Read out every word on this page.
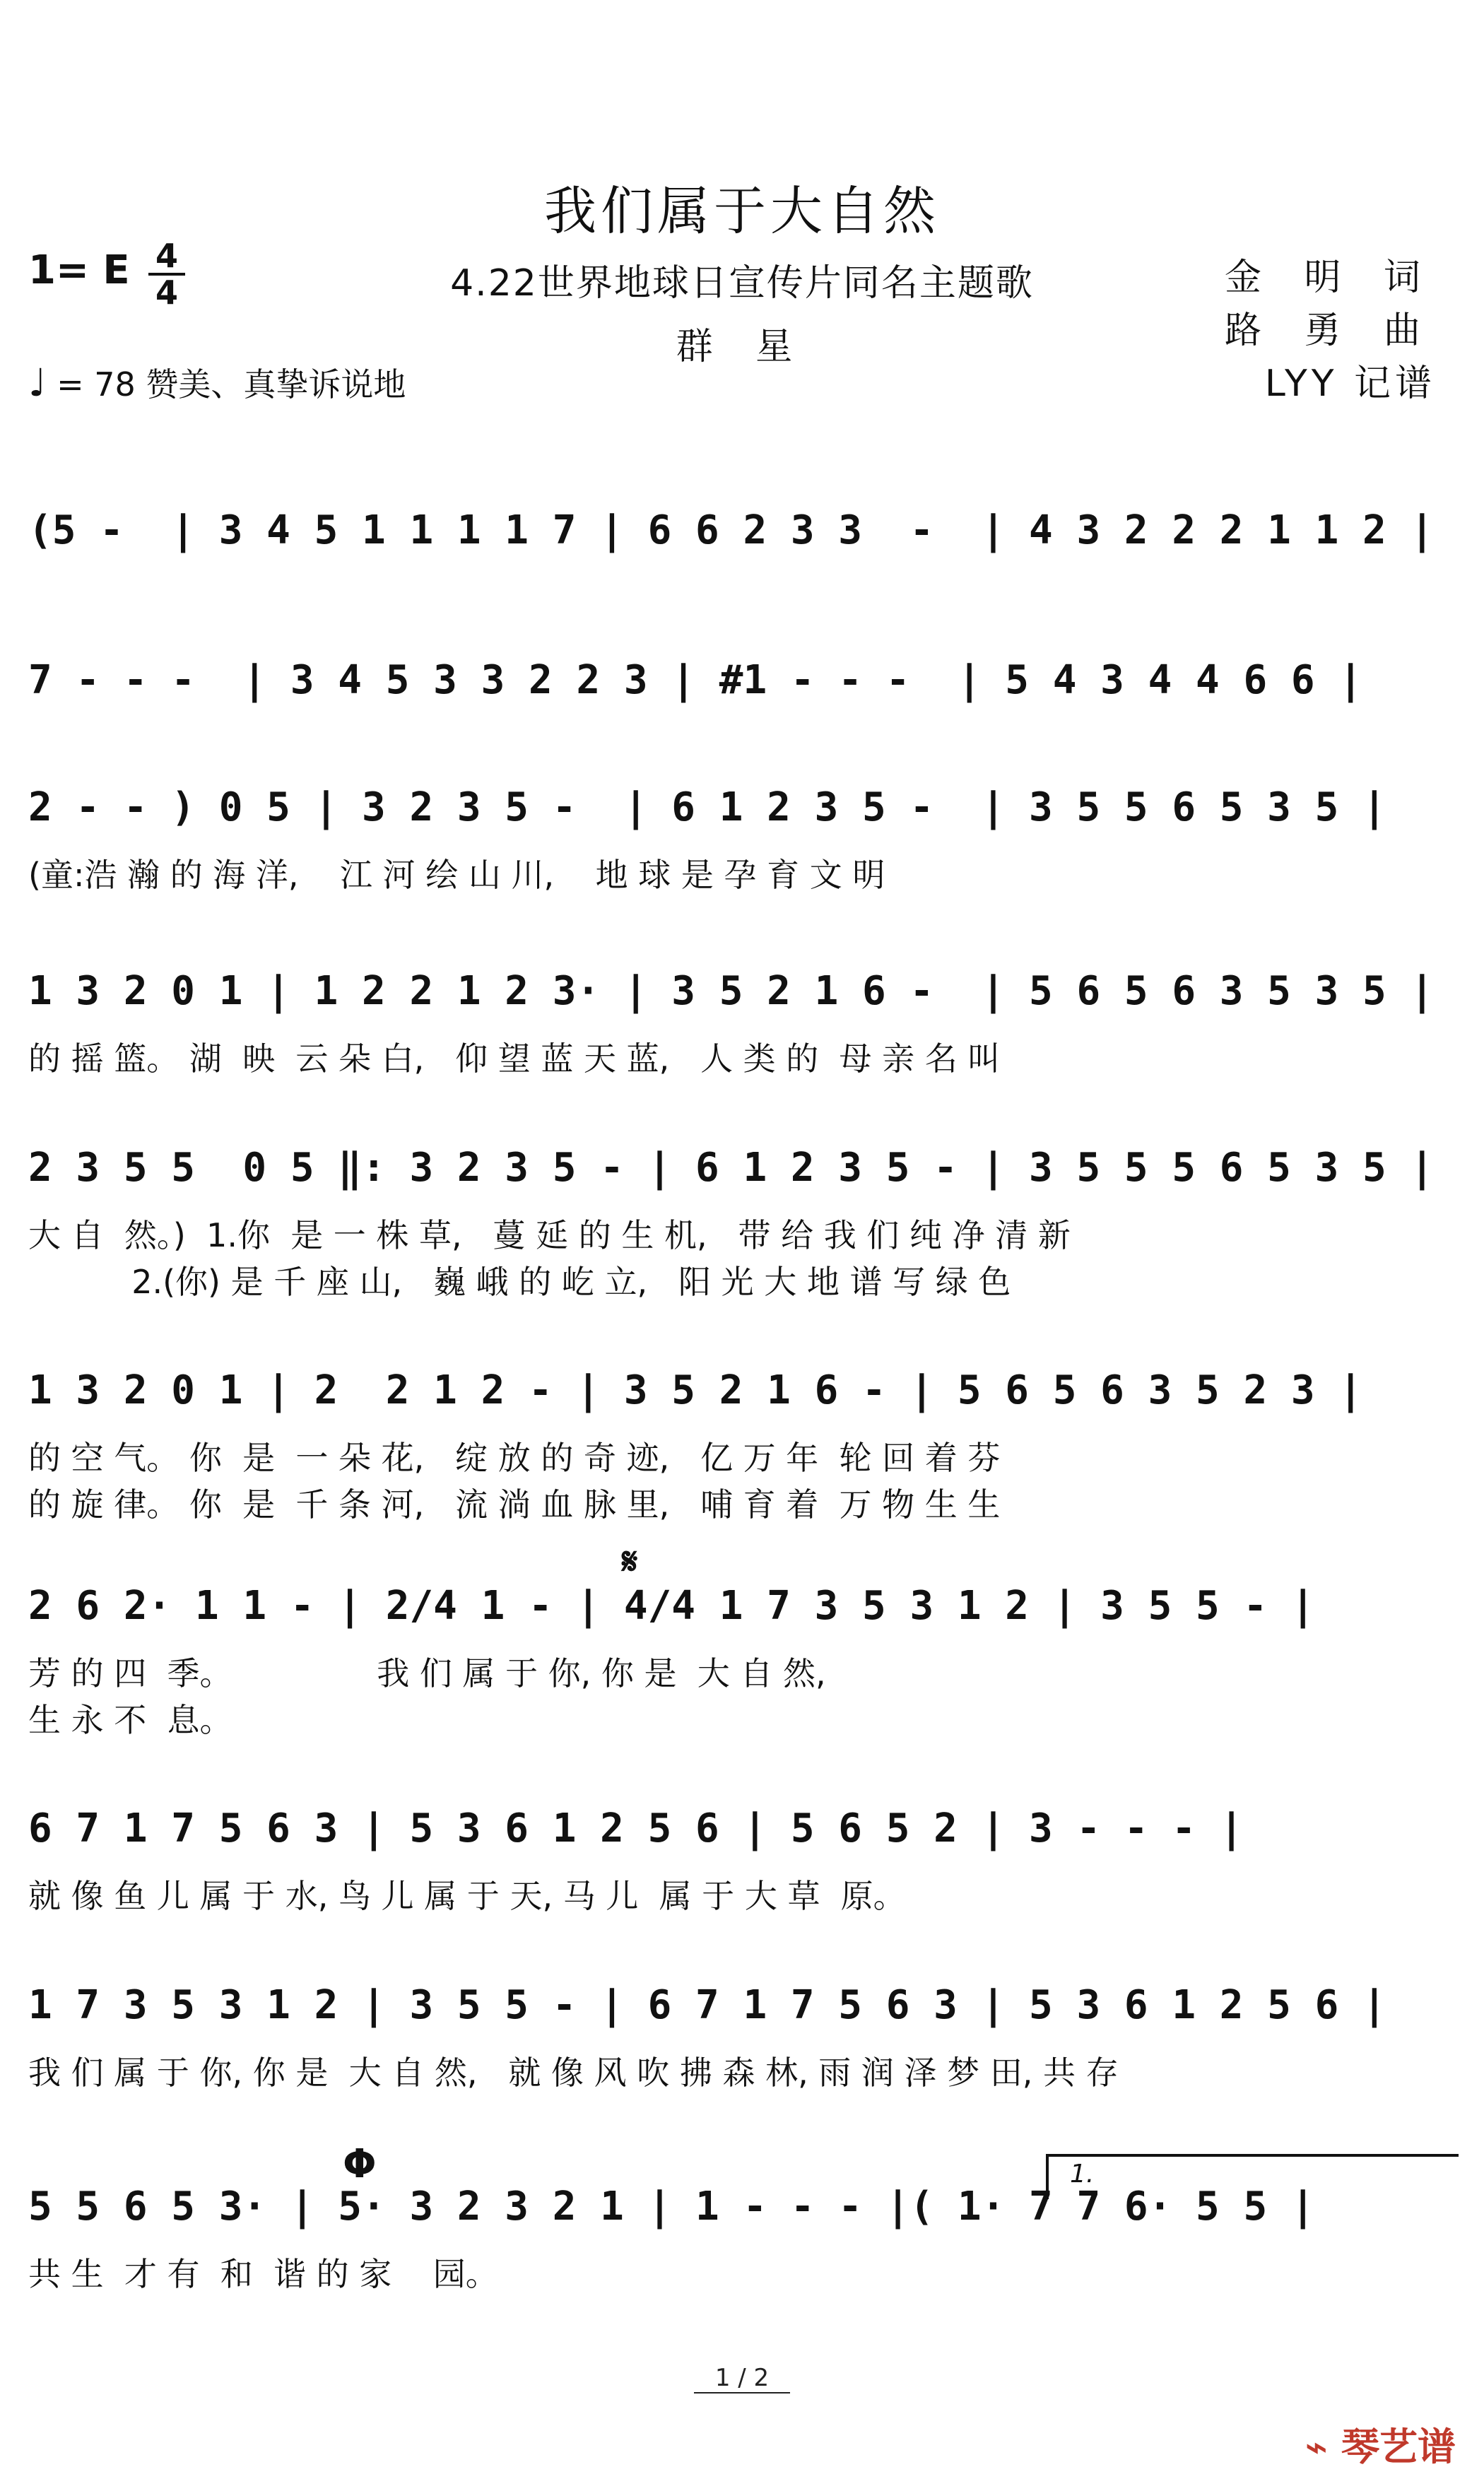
我们属于大自然
4.22世界地球日宣传片同名主题歌
群 星
金 明 词
路 勇 曲
LYY 记谱
1= E 4
4
♩ = 78 赞美、真挚诉说地
(5 -  | 3 4 5 1 1 1 1 7 | 6 6 2 3 3  -  | 4 3 2 2 2 1 1 2 |
7 - - -  | 3 4 5 3 3 2 2 3 | #1 - - -  | 5 4 3 4 4 6 6 |
2 - - ) 0 5 | 3 2 3 5 -  | 6 1 2 3 5 -  | 3 5 5 6 5 3 5 |
(童:浩 瀚 的 海 洋,    江 河 绘 山 川,    地 球 是 孕 育 文 明
1 3 2 0 1 | 1 2 2 1 2 3· | 3 5 2 1 6 -  | 5 6 5 6 3 5 3 5 |
的 摇 篮。 湖  映  云 朵 白,   仰 望 蓝 天 蓝,   人 类 的  母 亲 名 叫
2 3 5 5  0 5 ‖: 3 2 3 5 - | 6 1 2 3 5 - | 3 5 5 5 6 5 3 5 |
大 自  然。)  1.你  是 一 株 草,   蔓 延 的 生 机,   带 给 我 们 纯 净 清 新
2.(你) 是 千 座 山,   巍 峨 的 屹 立,   阳 光 大 地 谱 写 绿 色
1 3 2 0 1 | 2  2 1 2 - | 3 5 2 1 6 - | 5 6 5 6 3 5 2 3 |
的 空 气。 你  是  一 朵 花,   绽 放 的 奇 迹,   亿 万 年  轮 回 着 芬
的 旋 律。 你  是  千 条 河,   流 淌 血 脉 里,   哺 育 着  万 物 生 生
2 6 2· 1 1 - | 2/4 1 - | 4/4 1 7 3 5 3 1 2 | 3 5 5 - |
芳 的 四  季。              我 们 属 于 你, 你 是  大 自 然,
生 永 不  息。
6 7 1 7 5 6 3 | 5 3 6 1 2 5 6 | 5 6 5 2 | 3 - - - |
就 像 鱼 儿 属 于 水, 鸟 儿 属 于 天, 马 儿  属 于 大 草  原。
1 7 3 5 3 1 2 | 3 5 5 - | 6 7 1 7 5 6 3 | 5 3 6 1 2 5 6 |
我 们 属 于 你, 你 是  大 自 然,   就 像 风 吹 拂 森 林, 雨 润 泽 梦 田, 共 存
5 5 6 5 3· | 5· 3 2 3 2 1 | 1 - - - |( 1· 7 7 6· 5 5 |
共 生  才 有  和  谐 的 家    园。
𝄋
Φ	1.
1 / 2
⌁ 琴艺谱
